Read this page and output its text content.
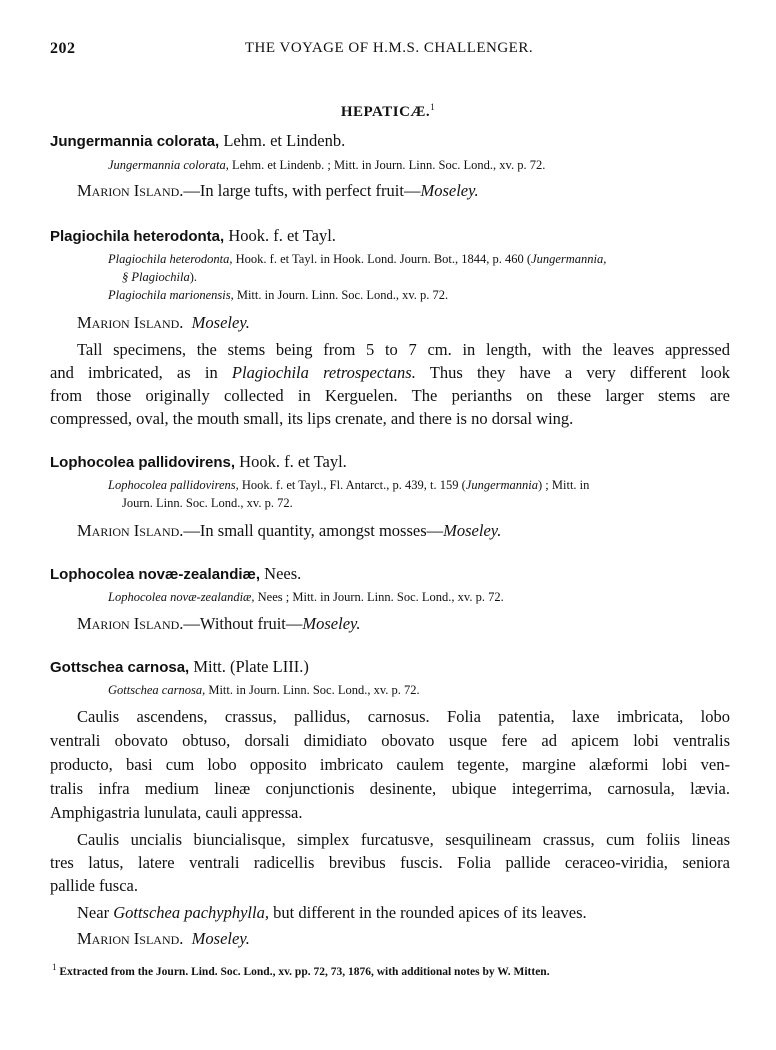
202	THE VOYAGE OF H.M.S. CHALLENGER.
HEPATICÆ.$^1$
Jungermannia colorata, Lehm. et Lindenb.
Jungermannia colorata, Lehm. et Lindenb. ; Mitt. in Journ. Linn. Soc. Lond., xv. p. 72.
Marion Island.—In large tufts, with perfect fruit—Moseley.
Plagiochila heterodonta, Hook. f. et Tayl.
Plagiochila heterodonta, Hook. f. et Tayl. in Hook. Lond. Journ. Bot., 1844, p. 460 (Jungermannia,
§ Plagiochila).
Plagiochila marionensis, Mitt. in Journ. Linn. Soc. Lond., xv. p. 72.
Marion Island. Moseley.
Tall specimens, the stems being from 5 to 7 cm. in length, with the leaves appressed
and imbricated, as in Plagiochila retrospectans. Thus they have a very different look
from those originally collected in Kerguelen. The perianths on these larger stems are
compressed, oval, the mouth small, its lips crenate, and there is no dorsal wing.
Lophocolea pallidovirens, Hook. f. et Tayl.
Lophocolea pallidovirens, Hook. f. et Tayl., Fl. Antarct., p. 439, t. 159 (Jungermannia) ; Mitt. in
Journ. Linn. Soc. Lond., xv. p. 72.
Marion Island.—In small quantity, amongst mosses—Moseley.
Lophocolea novæ-zealandiæ, Nees.
Lophocolea novæ-zealandiæ, Nees ; Mitt. in Journ. Linn. Soc. Lond., xv. p. 72.
Marion Island.—Without fruit—Moseley.
Gottschea carnosa, Mitt. (Plate LIII.)
Gottschea carnosa, Mitt. in Journ. Linn. Soc. Lond., xv. p. 72.
Caulis ascendens, crassus, pallidus, carnosus. Folia patentia, laxe imbricata, lobo
ventrali obovato obtuso, dorsali dimidiato obovato usque fere ad apicem lobi ventralis
producto, basi cum lobo opposito imbricato caulem tegente, margine alæformi lobi ven-
tralis infra medium lineæ conjunctionis desinente, ubique integerrima, carnosula, lævia.
Amphigastria lunulata, cauli appressa.
Caulis uncialis biuncialisque, simplex furcatusve, sesquilineam crassus, cum foliis lineas
tres latus, latere ventrali radicellis brevibus fuscis. Folia pallide ceraceo-viridia, seniora
pallide fusca.
Near Gottschea pachyphylla, but different in the rounded apices of its leaves.
Marion Island. Moseley.
$^1$ Extracted from the Journ. Lind. Soc. Lond., xv. pp. 72, 73, 1876, with additional notes by W. Mitten.
